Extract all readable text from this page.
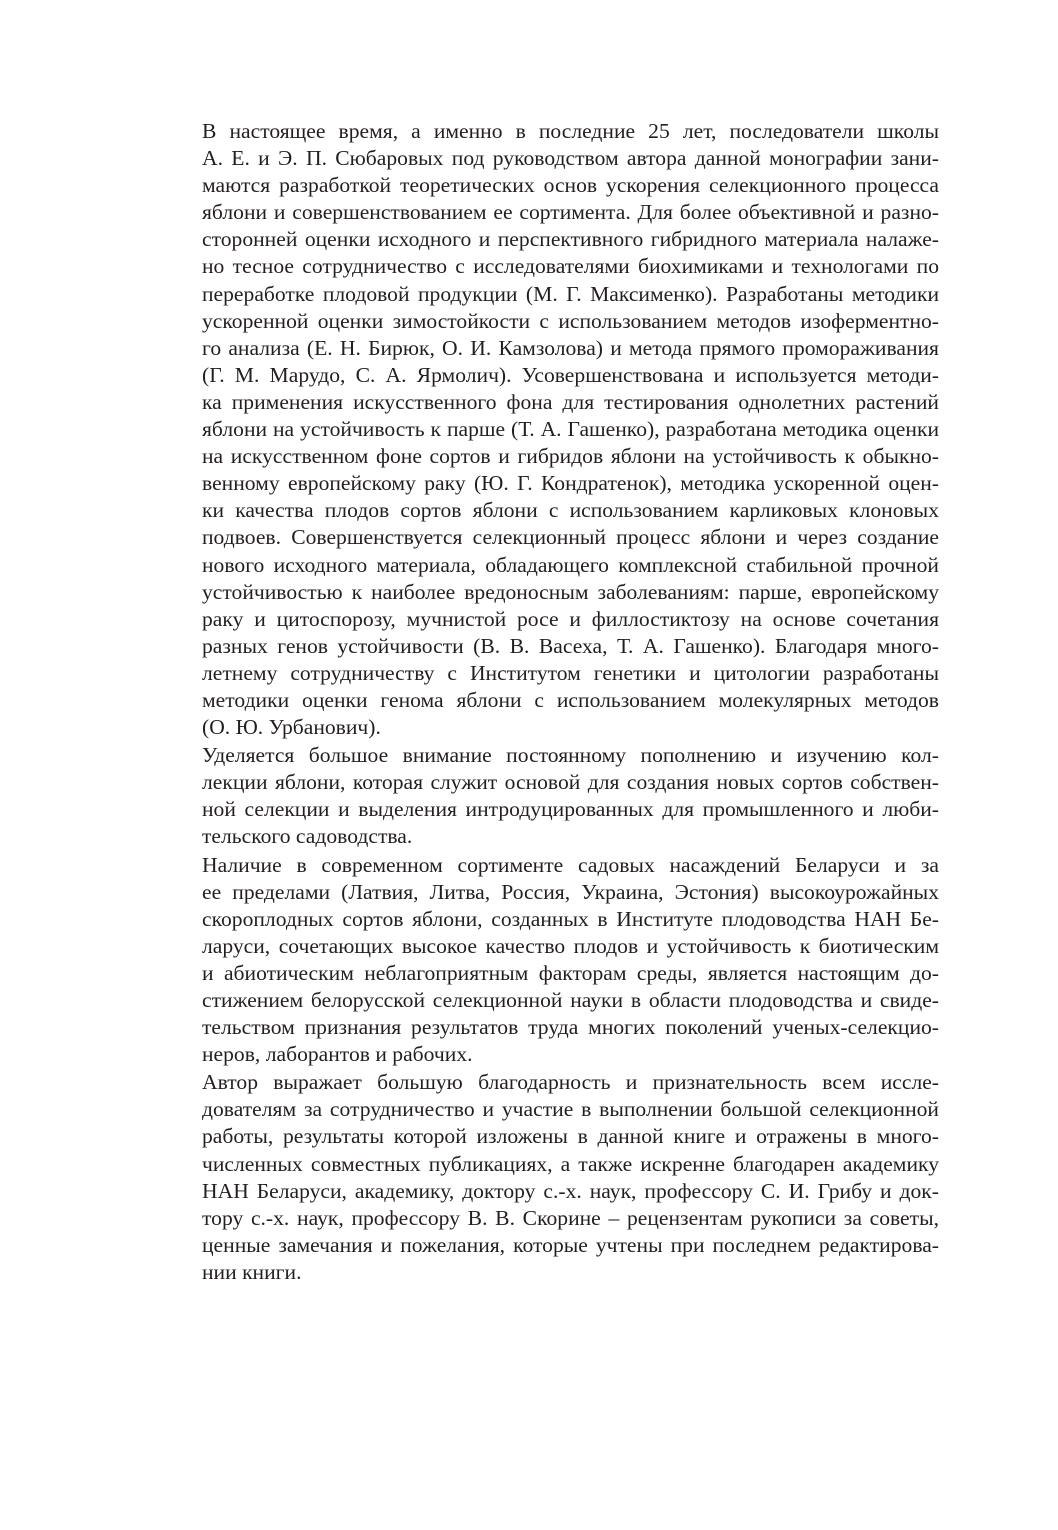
В настоящее время, а именно в последние 25 лет, последователи школы
А. Е. и Э. П. Сюбаровых под руководством автора данной монографии зани-
маются разработкой теоретических основ ускорения селекционного процесса
яблони и совершенствованием ее сортимента. Для более объективной и разно-
сторонней оценки исходного и перспективного гибридного материала налаже-
но тесное сотрудничество с исследователями биохимиками и технологами по
переработке плодовой продукции (М. Г. Максименко). Разработаны методики
ускоренной оценки зимостойкости с использованием методов изоферментно-
го анализа (Е. Н. Бирюк, О. И. Камзолова) и метода прямого промораживания
(Г. М. Марудо, С. А. Ярмолич). Усовершенствована и используется методи-
ка применения искусственного фона для тестирования однолетних растений
яблони на устойчивость к парше (Т. А. Гашенко), разработана методика оценки
на искусственном фоне сортов и гибридов яблони на устойчивость к обыкно-
венному европейскому раку (Ю. Г. Кондратенок), методика ускоренной оцен-
ки качества плодов сортов яблони с использованием карликовых клоновых
подвоев. Совершенствуется селекционный процесс яблони и через создание
нового исходного материала, обладающего комплексной стабильной прочной
устойчивостью к наиболее вредоносным заболеваниям: парше, европейскому
раку и цитоспорозу, мучнистой росе и филлостиктозу на основе сочетания
разных генов устойчивости (В. В. Васеха, Т. А. Гашенко). Благодаря много-
летнему сотрудничеству с Институтом генетики и цитологии разработаны
методики оценки генома яблони с использованием молекулярных методов
(О. Ю. Урбанович).

Уделяется большое внимание постоянному пополнению и изучению кол-
лекции яблони, которая служит основой для создания новых сортов собствен-
ной селекции и выделения интродуцированных для промышленного и люби-
тельского садоводства.

Наличие в современном сортименте садовых насаждений Беларуси и за
ее пределами (Латвия, Литва, Россия, Украина, Эстония) высокоурожайных
скороплодных сортов яблони, созданных в Институте плодоводства НАН Бе-
ларуси, сочетающих высокое качество плодов и устойчивость к биотическим
и абиотическим неблагоприятным факторам среды, является настоящим до-
стижением белорусской селекционной науки в области плодоводства и свиде-
тельством признания результатов труда многих поколений ученых-селекцио-
неров, лаборантов и рабочих.

Автор выражает большую благодарность и признательность всем иссле-
дователям за сотрудничество и участие в выполнении большой селекционной
работы, результаты которой изложены в данной книге и отражены в много-
численных совместных публикациях, а также искренне благодарен академику
НАН Беларуси, академику, доктору с.-х. наук, профессору С. И. Грибу и док-
тору с.-х. наук, профессору В. В. Скорине – рецензентам рукописи за советы,
ценные замечания и пожелания, которые учтены при последнем редактирова-
нии книги.
